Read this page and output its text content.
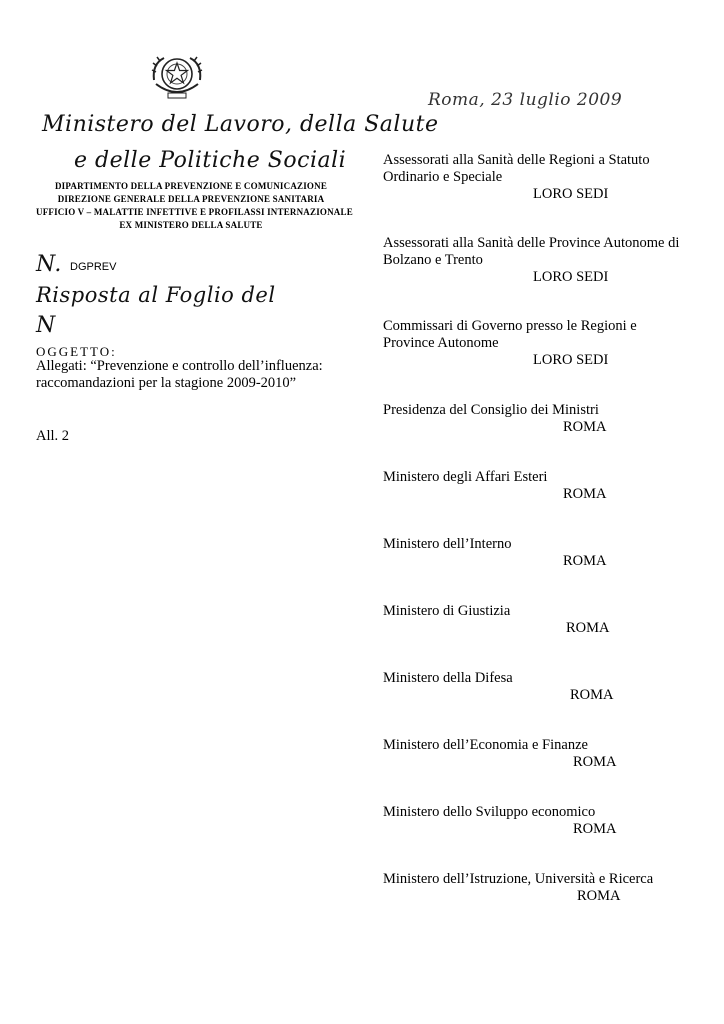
Ministero del Lavoro, della Salute
e delle Politiche Sociali
Roma, 23 luglio 2009
DIPARTIMENTO DELLA PREVENZIONE E COMUNICAZIONE
DIREZIONE GENERALE DELLA PREVENZIONE SANITARIA
UFFICIO V – MALATTIE INFETTIVE E PROFILASSI INTERNAZIONALE
EX MINISTERO DELLA SALUTE
N. DGPREV
Risposta al Foglio del
N
OGGETTO:
Allegati: “Prevenzione e controllo dell’influenza: raccomandazioni per la stagione 2009-2010”
All. 2
Assessorati alla Sanità delle Regioni a Statuto Ordinario e Speciale
LORO SEDI
Assessorati alla Sanità delle Province Autonome di Bolzano e Trento
LORO SEDI
Commissari di Governo presso le Regioni e Province Autonome
LORO SEDI
Presidenza del Consiglio dei Ministri
ROMA
Ministero degli Affari Esteri
ROMA
Ministero dell’Interno
ROMA
Ministero di Giustizia
ROMA
Ministero della Difesa
ROMA
Ministero dell’Economia e Finanze
ROMA
Ministero dello Sviluppo economico
ROMA
Ministero dell’Istruzione, Università e Ricerca
ROMA
